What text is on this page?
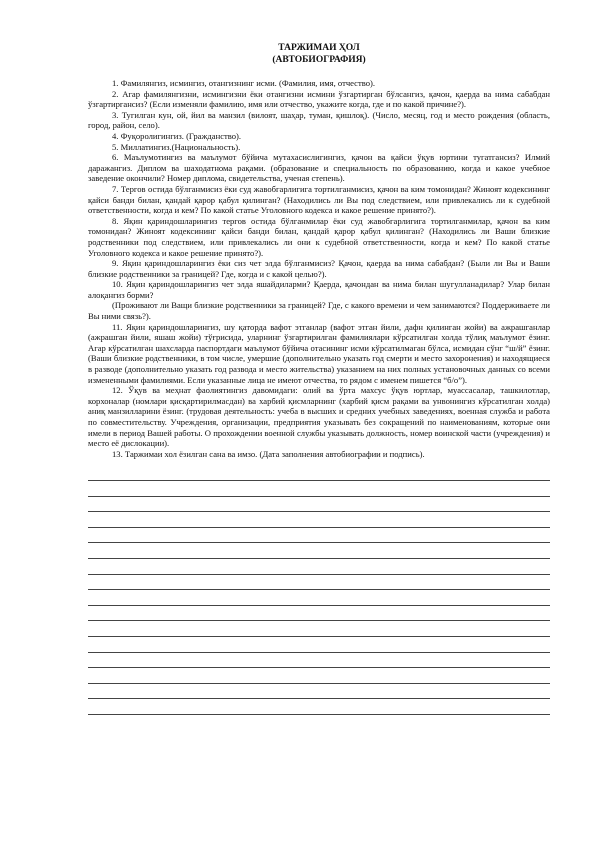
ТАРЖИМАИ ҲОЛ

(АВТОБИОГРАФИЯ)

1. Фамилянгиз, исмингиз, отангизнинг исми. (Фамилия, имя, отчество).

2. Агар фамилянгизни, исмингизни ёки отангизни исмини ўзгартирган бўлсангиз, қачон, қаерда ва нима сабабдан ўзгартиргансиз? (Если изменяли фамилию, имя или отчество, укажите когда, где и по какой причине?).

3. Тугилган кун, ой, йил ва манзил (вилоят, шаҳар, туман, қишлоқ). (Число, месяц, год и место рождения (область, город, район, село).

4. Фуқоролигингиз. (Гражданство).

5. Миллатингиз.(Национальность).

6. Маълумотингиз ва маълумот бўйича мутахасислигингиз, қачон ва қайси ўқув юртини тугатгансиз? Илмий даражангиз. Диплом ва шаходатнома рақами. (образование и специальность по образованию, когда и какое учебное заведение окончили? Номер диплома, свидетельства, ученая степень).

7. Тергов остида бўлганмисиз ёки суд жавобгарлигига тортилганмисиз, қачон ва ким томонидан? Жиноят кодексининг қайси банди билан, қандай қарор қабул қилинган? (Находились ли Вы под следствием, или привлекались ли к судебной ответственности, когда и кем? По какой статье Уголовного кодекса и какое решение принято?).

8. Яқин қариндошларингиз тергов остида бўлганмилар ёки суд жавобгарлигига тортилганмилар, қачон ва ким томонидан? Жиноят кодексининг қайси банди билан, қандай қарор қабул қилинган? (Находились ли Ваши близкие родственники под следствием, или привлекались ли они к судебной ответственности, когда и кем? По какой статье Уголовного кодекса и какое решение принято?).

9. Яқин қариндошларингиз ёки сиз чет элда бўлганмисиз? Қачон, қаерда ва нима сабабдан? (Были ли Вы и Ваши близкие родственники за границей? Где, когда и с какой целью?).

10. Яқин қариндошларингиз чет элда яшайдиларми? Қаерда, қачондан ва нима билан шугулланадилар? Улар билан алоқангиз борми?

(Проживают ли Ващи близкие родственники за границей? Где, с какого времени и чем занимаются? Поддерживаете ли Вы ними связь?).

11. Яқин қариндошларингиз, шу қаторда вафот этганлар (вафот этган йили, дафн қилинган жойи) ва ажрашганлар (ажрашган йили, яшаш жойи) тўғрисида, уларнинг ўзгартирилган фамилиялари кўрсатилган холда тўлиқ маълумот ёзинг. Агар кўрсатилган шахсларда паспортдаги маълумот бўйича отасининг исми кўрсатилмаган бўлса, исмидан сўнг “ш/й” ёзинг. (Ваши близкие родственники, в том числе, умершие (дополнительно указать год смерти и место захоронения) и находящиеся в разводе (дополнительно указать год развода и место жительства) указанием на них полных установочных данных со всеми измененными фамилиями. Если указанные лица не имеют отчества, то рядом с именем пишется “б/о”).

12. Ўқув ва меҳнат фаолиятингиз давомидаги: олий ва ўрта махсус ўқув юртлар, муассасалар, ташкилотлар, корхоналар (номлари қисқартирилмасдан) ва харбий қисмларнинг (харбий қисм рақами ва унвонингиз кўрсатилган холда) аниқ манзилларини ёзинг. (трудовая деятельность: учеба в высших и средних учебных заведениях, военная служба и работа по совместительству. Учреждения, организации, предприятия указывать без сокращений по наименованиям, которые они имели в период Вашей работы. О прохождении военной службы указывать должность, номер воинской части (учреждения) и место её дислокации).

13. Таржимаи хол ёзилган сана ва имзо. (Дата заполнения автобиографии и подпись).
